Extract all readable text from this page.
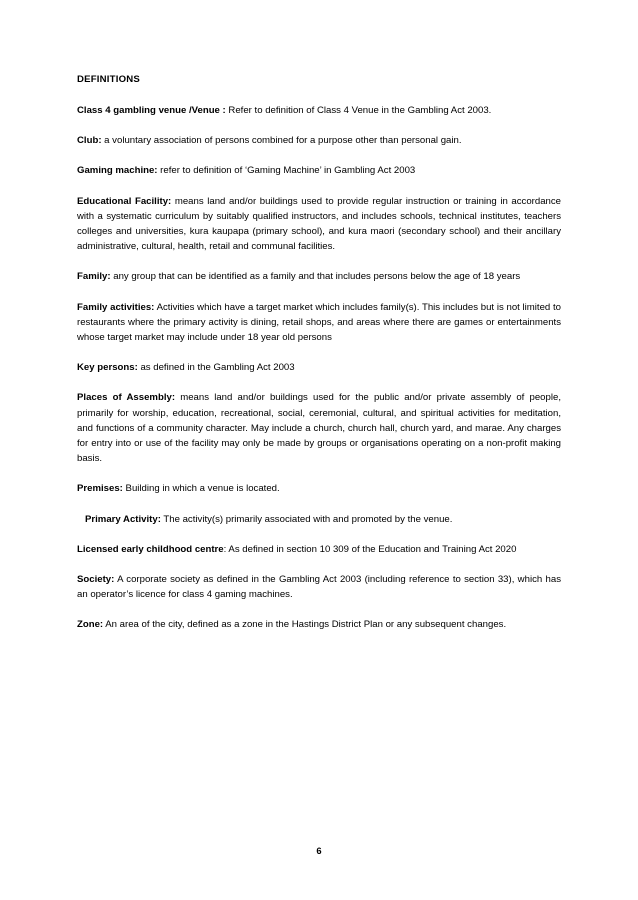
DEFINITIONS

Class 4 gambling venue /Venue : Refer to definition of Class 4 Venue in the Gambling Act 2003.

Club: a voluntary association of persons combined for a purpose other than personal gain.

Gaming machine: refer to definition of ‘Gaming Machine’ in Gambling Act 2003

Educational Facility: means land and/or buildings used to provide regular instruction or training in accordance with a systematic curriculum by suitably qualified instructors, and includes schools, technical institutes, teachers colleges and universities, kura kaupapa (primary school), and kura maori (secondary school) and their ancillary administrative, cultural, health, retail and communal facilities.

Family: any group that can be identified as a family and that includes persons below the age of 18 years

Family activities: Activities which have a target market which includes family(s). This includes but is not limited to restaurants where the primary activity is dining, retail shops, and areas where there are games or entertainments whose target market may include under 18 year old persons

Key persons: as defined in the Gambling Act 2003

Places of Assembly: means land and/or buildings used for the public and/or private assembly of people, primarily for worship, education, recreational, social, ceremonial, cultural, and spiritual activities for meditation, and functions of a community character. May include a church, church hall, church yard, and marae. Any charges for entry into or use of the facility may only be made by groups or organisations operating on a non-profit making basis.

Premises: Building in which a venue is located.

Primary Activity: The activity(s) primarily associated with and promoted by the venue.

Licensed early childhood centre: As defined in section 10 309 of the Education and Training Act 2020

Society: A corporate society as defined in the Gambling Act 2003 (including reference to section 33), which has an operator’s licence for class 4 gaming machines.

Zone: An area of the city, defined as a zone in the Hastings District Plan or any subsequent changes.

6
